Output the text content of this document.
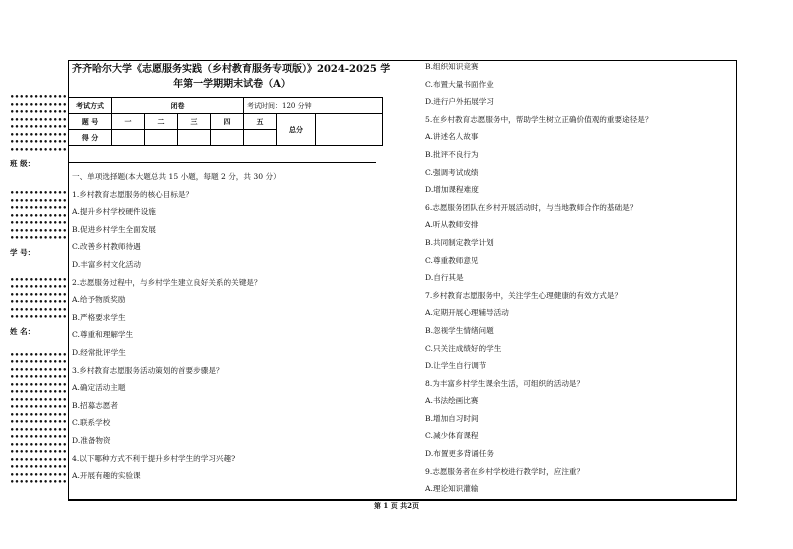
••••••••••••
••••••••••••
••••••••••••
••••••••••••
••••••••••••
••••••••••••
••••••••••••
••••••••••••
班 级：
••••••••••••
••••••••••••
••••••••••••
••••••••••••
••••••••••••
••••••••••••
••••••••••••
学 号：
••••••••••••
••••••••••••
••••••••••••
••••••••••••
••••••••••••
••••••••••••
姓 名：
••••••••••••
••••••••••••
••••••••••••
••••••••••••
••••••••••••
••••••••••••
••••••••••••
••••••••••••
••••••••••••
••••••••••••
••••••••••••
••••••••••••
••••••••••••
••••••••••••
••••••••••••
••••••••••••
••••••••••••
••••••••••••
齐齐哈尔大学《志愿服务实践（乡村教育服务专项版）》2024-2025 学
年第一学期期末试卷（A）
考试方式	闭卷				考试时间：120 分钟		
题 号	一	二	三	四	五	总分	
得 分							
一、单项选择题(本大题总共 15 小题，每题 2 分，共 30 分）
1.乡村教育志愿服务的核心目标是？
A.提升乡村学校硬件设施
B.促进乡村学生全面发展
C.改善乡村教师待遇
D.丰富乡村文化活动
2.志愿服务过程中，与乡村学生建立良好关系的关键是？
A.给予物质奖励
B.严格要求学生
C.尊重和理解学生
D.经常批评学生
3.乡村教育志愿服务活动策划的首要步骤是？
A.确定活动主题
B.招募志愿者
C.联系学校
D.准备物资
4.以下哪种方式不利于提升乡村学生的学习兴趣?
A.开展有趣的实验课
B.组织知识竞赛
C.布置大量书面作业
D.进行户外拓展学习
5.在乡村教育志愿服务中，帮助学生树立正确价值观的重要途径是？
A.讲述名人故事
B.批评不良行为
C.强调考试成绩
D.增加课程难度
6.志愿服务团队在乡村开展活动时，与当地教师合作的基础是？
A.听从教师安排
B.共同制定教学计划
C.尊重教师意见
D.自行其是
7.乡村教育志愿服务中，关注学生心理健康的有效方式是？
A.定期开展心理辅导活动
B.忽视学生情绪问题
C.只关注成绩好的学生
D.让学生自行调节
8.为丰富乡村学生课余生活，可组织的活动是？
A.书法绘画比赛
B.增加自习时间
C.减少体育课程
D.布置更多背诵任务
9.志愿服务者在乡村学校进行教学时，应注重？
A.理论知识灌输
第 1 页 共2页
